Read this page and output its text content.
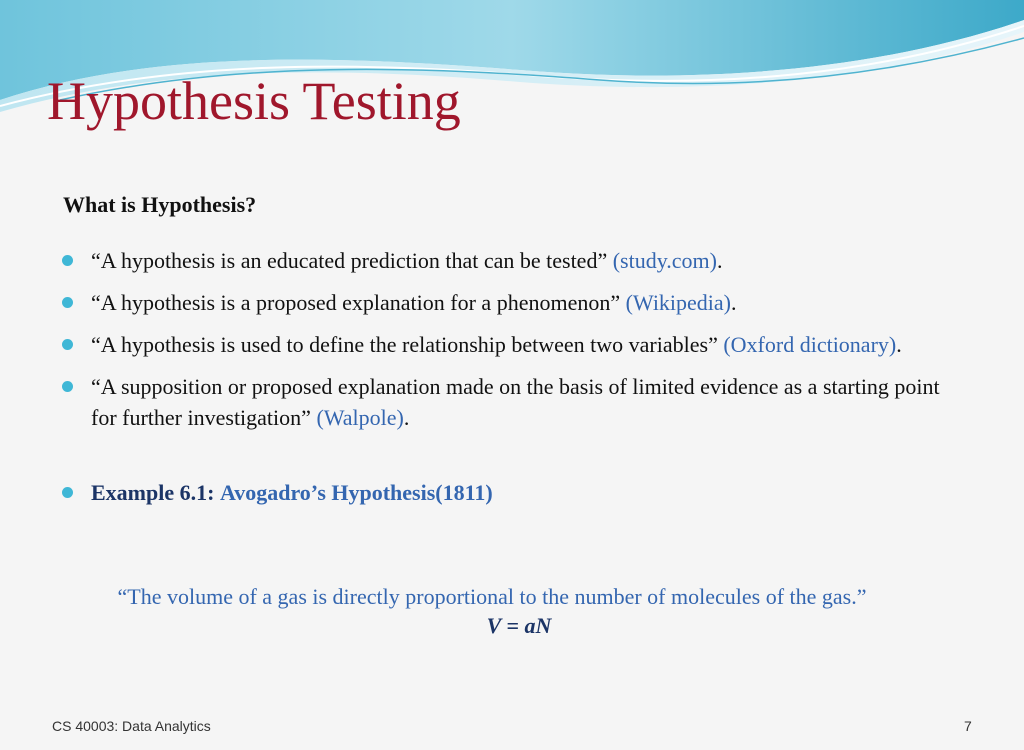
Hypothesis Testing
What is Hypothesis?
“A hypothesis is an educated prediction that can be tested” (study.com).
“A hypothesis is a proposed explanation for a phenomenon” (Wikipedia).
“A hypothesis is used to define the relationship between two variables” (Oxford dictionary).
“A supposition or proposed explanation made on the basis of limited evidence as a starting point for further investigation” (Walpole).
Example 6.1: Avogadro’s Hypothesis(1811)
“The volume of a gas is directly proportional to the number of molecules of the gas.”
V = aN
CS 40003: Data Analytics	7
